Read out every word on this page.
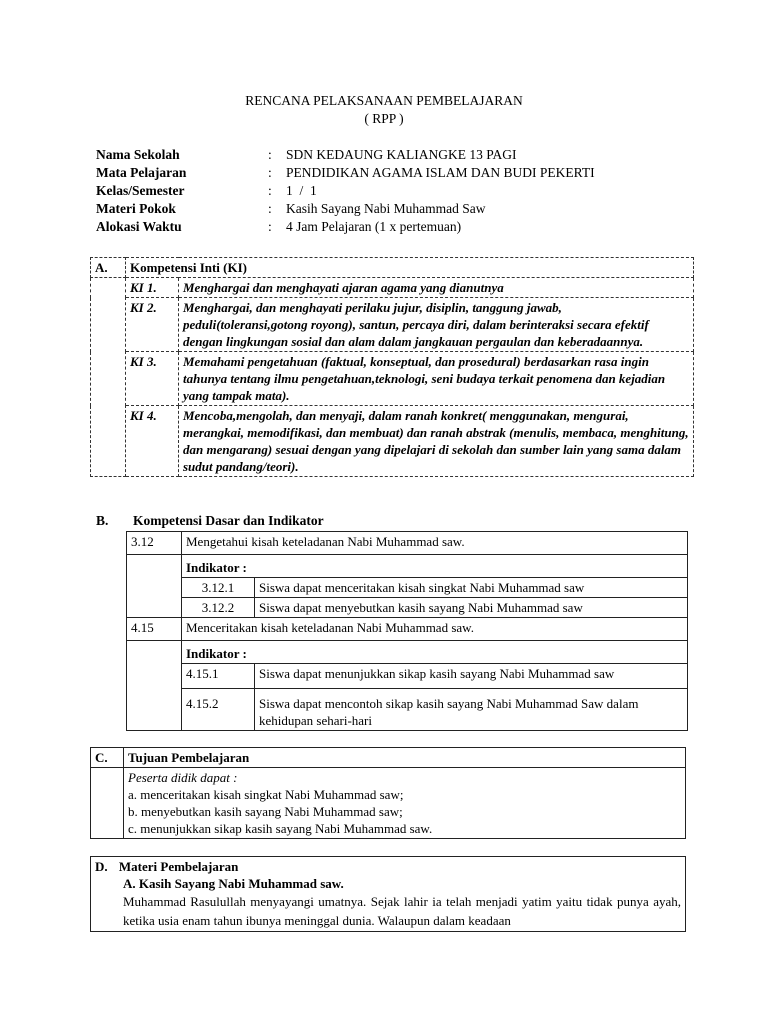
RENCANA PELAKSANAAN PEMBELAJARAN
( RPP )
Nama Sekolah	:	SDN KEDAUNG KALIANGKE 13 PAGI
Mata Pelajaran	:	PENDIDIKAN AGAMA ISLAM DAN BUDI PEKERTI
Kelas/Semester	:	1  /  1
Materi Pokok	:	Kasih Sayang Nabi Muhammad Saw
Alokasi Waktu	:	4 Jam Pelajaran (1 x pertemuan)
A.	Kompetensi Inti (KI)	
	KI 1.	Menghargai dan menghayati ajaran agama yang dianutnya
	KI 2.	Menghargai, dan menghayati perilaku jujur, disiplin, tanggung jawab, peduli(toleransi,gotong royong), santun, percaya diri, dalam berinteraksi secara efektif dengan lingkungan sosial dan alam dalam jangkauan pergaulan dan keberadaannya.
	KI 3.	Memahami pengetahuan (faktual, konseptual, dan prosedural) berdasarkan rasa ingin tahunya tentang ilmu pengetahuan,teknologi, seni budaya terkait penomena dan kejadian yang tampak mata).
	KI 4.	Mencoba,mengolah, dan menyaji, dalam ranah konkret( menggunakan, mengurai, merangkai, memodifikasi, dan membuat) dan ranah abstrak (menulis, membaca, menghitung, dan mengarang) sesuai dengan yang dipelajari di sekolah dan sumber lain yang sama dalam sudut pandang/teori).
B. Kompetensi Dasar dan Indikator
3.12	Mengetahui kisah keteladanan Nabi Muhammad saw.	
	Indikator :	
	3.12.1	Siswa dapat menceritakan kisah singkat Nabi Muhammad saw
	3.12.2	Siswa dapat menyebutkan kasih sayang Nabi Muhammad saw
4.15	Menceritakan kisah keteladanan Nabi Muhammad saw.	
	Indikator :	
	4.15.1	Siswa dapat menunjukkan sikap kasih sayang Nabi Muhammad saw
	4.15.2	Siswa dapat mencontoh sikap kasih sayang Nabi Muhammad Saw dalam kehidupan sehari-hari
C.	Tujuan Pembelajaran

	Peserta didik dapat :
a. menceritakan kisah singkat Nabi Muhammad saw;
b. menyebutkan kasih sayang Nabi Muhammad saw;
c. menunjukkan sikap kasih sayang Nabi Muhammad saw.
D. Materi Pembelajaran
A. Kasih Sayang Nabi Muhammad saw.
Muhammad Rasulullah menyayangi umatnya. Sejak lahir ia telah menjadi yatim yaitu tidak punya ayah, ketika usia enam tahun ibunya meninggal dunia. Walaupun dalam keadaan
